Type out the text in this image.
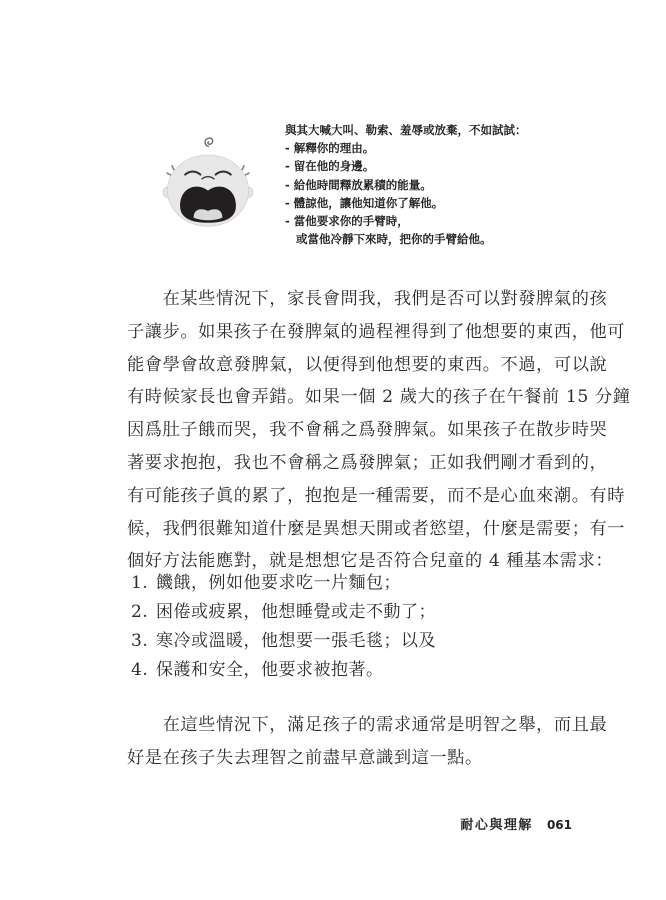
與其大喊大叫、勒索、羞辱或放棄，不如試試：
- 解釋你的理由。
- 留在他的身邊。
- 給他時間釋放累積的能量。
- 體諒他，讓他知道你了解他。
- 當他要求你的手臂時，
或當他冷靜下來時，把你的手臂給他。
　　在某些情況下，家長會問我，我們是否可以對發脾氣的孩
子讓步。如果孩子在發脾氣的過程裡得到了他想要的東西，他可
能會學會故意發脾氣，以便得到他想要的東西。不過，可以說
有時候家長也會弄錯。如果一個 2 歲大的孩子在午餐前 15 分鐘
因爲肚子餓而哭，我不會稱之爲發脾氣。如果孩子在散步時哭
著要求抱抱，我也不會稱之爲發脾氣；正如我們剛才看到的，
有可能孩子眞的累了，抱抱是一種需要，而不是心血來潮。有時
候，我們很難知道什麼是異想天開或者慾望，什麼是需要；有一
個好方法能應對，就是想想它是否符合兒童的 4 種基本需求：
1. 饑餓，例如他要求吃一片麵包；
2. 困倦或疲累，他想睡覺或走不動了；
3. 寒冷或溫暖，他想要一張毛毯；以及
4. 保護和安全，他要求被抱著。
　　在這些情況下，滿足孩子的需求通常是明智之舉，而且最
好是在孩子失去理智之前盡早意識到這一點。
耐心與理解 061
